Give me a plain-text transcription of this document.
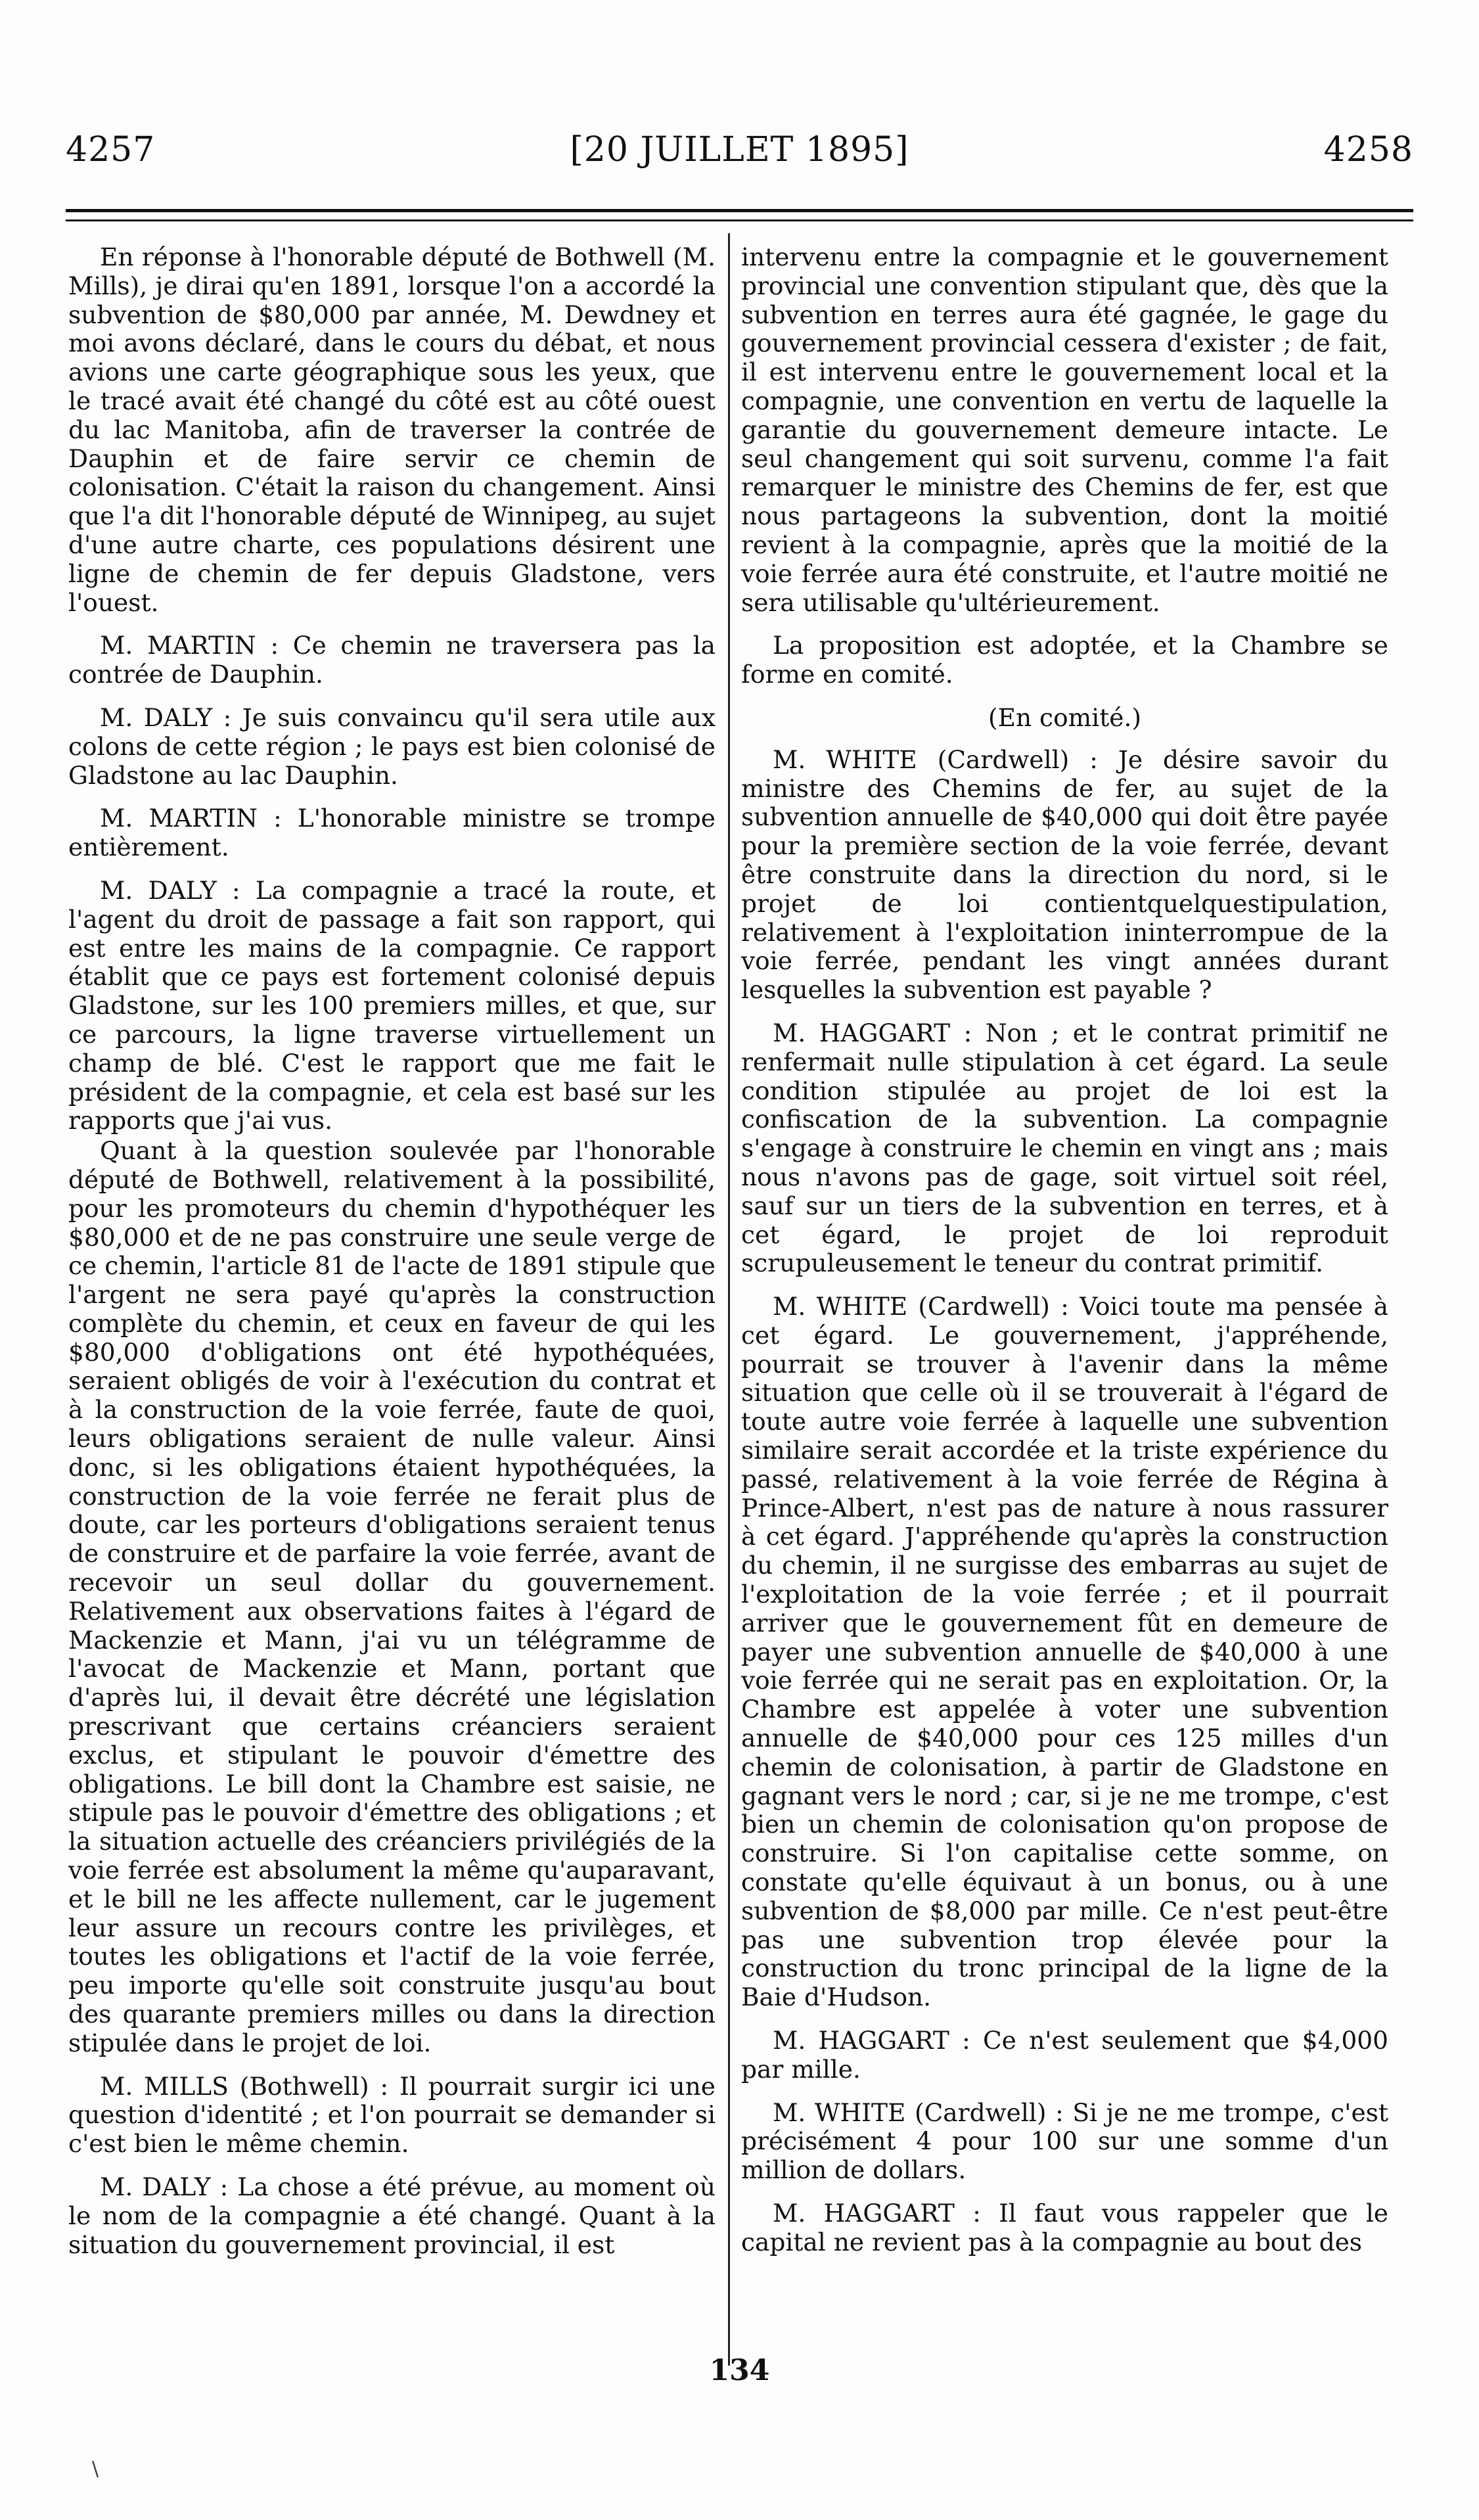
4257	[20 JUILLET 1895]	4258

En réponse à l'honorable député de Bothwell (M. Mills), je dirai qu'en 1891, lorsque l'on a accordé la subvention de $80,000 par année, M. Dewdney et moi avons déclaré, dans le cours du débat, et nous avions une carte géographique sous les yeux, que le tracé avait été changé du côté est au côté ouest du lac Manitoba, afin de traverser la contrée de Dauphin et de faire servir ce chemin de colonisation. C'était la raison du changement. Ainsi que l'a dit l'honorable député de Winnipeg, au sujet d'une autre charte, ces populations désirent une ligne de chemin de fer depuis Gladstone, vers l'ouest.

M. MARTIN : Ce chemin ne traversera pas la contrée de Dauphin.

M. DALY : Je suis convaincu qu'il sera utile aux colons de cette région ; le pays est bien colonisé de Gladstone au lac Dauphin.

M. MARTIN : L'honorable ministre se trompe entièrement.

M. DALY : La compagnie a tracé la route, et l'agent du droit de passage a fait son rapport, qui est entre les mains de la compagnie. Ce rapport établit que ce pays est fortement colonisé depuis Gladstone, sur les 100 premiers milles, et que, sur ce parcours, la ligne traverse virtuellement un champ de blé. C'est le rapport que me fait le président de la compagnie, et cela est basé sur les rapports que j'ai vus.

Quant à la question soulevée par l'honorable député de Bothwell, relativement à la possibilité, pour les promoteurs du chemin d'hypothéquer les $80,000 et de ne pas construire une seule verge de ce chemin, l'article 81 de l'acte de 1891 stipule que l'argent ne sera payé qu'après la construction complète du chemin, et ceux en faveur de qui les $80,000 d'obligations ont été hypothéquées, seraient obligés de voir à l'exécution du contrat et à la construction de la voie ferrée, faute de quoi, leurs obligations seraient de nulle valeur. Ainsi donc, si les obligations étaient hypothéquées, la construction de la voie ferrée ne ferait plus de doute, car les porteurs d'obligations seraient tenus de construire et de parfaire la voie ferrée, avant de recevoir un seul dollar du gouvernement. Relativement aux observations faites à l'égard de Mackenzie et Mann, j'ai vu un télégramme de l'avocat de Mackenzie et Mann, portant que d'après lui, il devait être décrété une législation prescrivant que certains créanciers seraient exclus, et stipulant le pouvoir d'émettre des obligations. Le bill dont la Chambre est saisie, ne stipule pas le pouvoir d'émettre des obligations ; et la situation actuelle des créanciers privilégiés de la voie ferrée est absolument la même qu'auparavant, et le bill ne les affecte nullement, car le jugement leur assure un recours contre les privilèges, et toutes les obligations et l'actif de la voie ferrée, peu importe qu'elle soit construite jusqu'au bout des quarante premiers milles ou dans la direction stipulée dans le projet de loi.

M. MILLS (Bothwell) : Il pourrait surgir ici une question d'identité ; et l'on pourrait se demander si c'est bien le même chemin.

M. DALY : La chose a été prévue, au moment où le nom de la compagnie a été changé. Quant à la situation du gouvernement provincial, il est

intervenu entre la compagnie et le gouvernement provincial une convention stipulant que, dès que la subvention en terres aura été gagnée, le gage du gouvernement provincial cessera d'exister ; de fait, il est intervenu entre le gouvernement local et la compagnie, une convention en vertu de laquelle la garantie du gouvernement demeure intacte. Le seul changement qui soit survenu, comme l'a fait remarquer le ministre des Chemins de fer, est que nous partageons la subvention, dont la moitié revient à la compagnie, après que la moitié de la voie ferrée aura été construite, et l'autre moitié ne sera utilisable qu'ultérieurement.

La proposition est adoptée, et la Chambre se forme en comité.

(En comité.)

M. WHITE (Cardwell) : Je désire savoir du ministre des Chemins de fer, au sujet de la subvention annuelle de $40,000 qui doit être payée pour la première section de la voie ferrée, devant être construite dans la direction du nord, si le projet de loi contientquelquestipulation, relativement à l'exploitation ininterrompue de la voie ferrée, pendant les vingt années durant lesquelles la subvention est payable ?

M. HAGGART : Non ; et le contrat primitif ne renfermait nulle stipulation à cet égard. La seule condition stipulée au projet de loi est la confiscation de la subvention. La compagnie s'engage à construire le chemin en vingt ans ; mais nous n'avons pas de gage, soit virtuel soit réel, sauf sur un tiers de la subvention en terres, et à cet égard, le projet de loi reproduit scrupuleusement le teneur du contrat primitif.

M. WHITE (Cardwell) : Voici toute ma pensée à cet égard. Le gouvernement, j'appréhende, pourrait se trouver à l'avenir dans la même situation que celle où il se trouverait à l'égard de toute autre voie ferrée à laquelle une subvention similaire serait accordée et la triste expérience du passé, relativement à la voie ferrée de Régina à Prince-Albert, n'est pas de nature à nous rassurer à cet égard. J'appréhende qu'après la construction du chemin, il ne surgisse des embarras au sujet de l'exploitation de la voie ferrée ; et il pourrait arriver que le gouvernement fût en demeure de payer une subvention annuelle de $40,000 à une voie ferrée qui ne serait pas en exploitation. Or, la Chambre est appelée à voter une subvention annuelle de $40,000 pour ces 125 milles d'un chemin de colonisation, à partir de Gladstone en gagnant vers le nord ; car, si je ne me trompe, c'est bien un chemin de colonisation qu'on propose de construire. Si l'on capitalise cette somme, on constate qu'elle équivaut à un bonus, ou à une subvention de $8,000 par mille. Ce n'est peut-être pas une subvention trop élevée pour la construction du tronc principal de la ligne de la Baie d'Hudson.

M. HAGGART : Ce n'est seulement que $4,000 par mille.

M. WHITE (Cardwell) : Si je ne me trompe, c'est précisément 4 pour 100 sur une somme d'un million de dollars.

M. HAGGART : Il faut vous rappeler que le capital ne revient pas à la compagnie au bout des

134
\
